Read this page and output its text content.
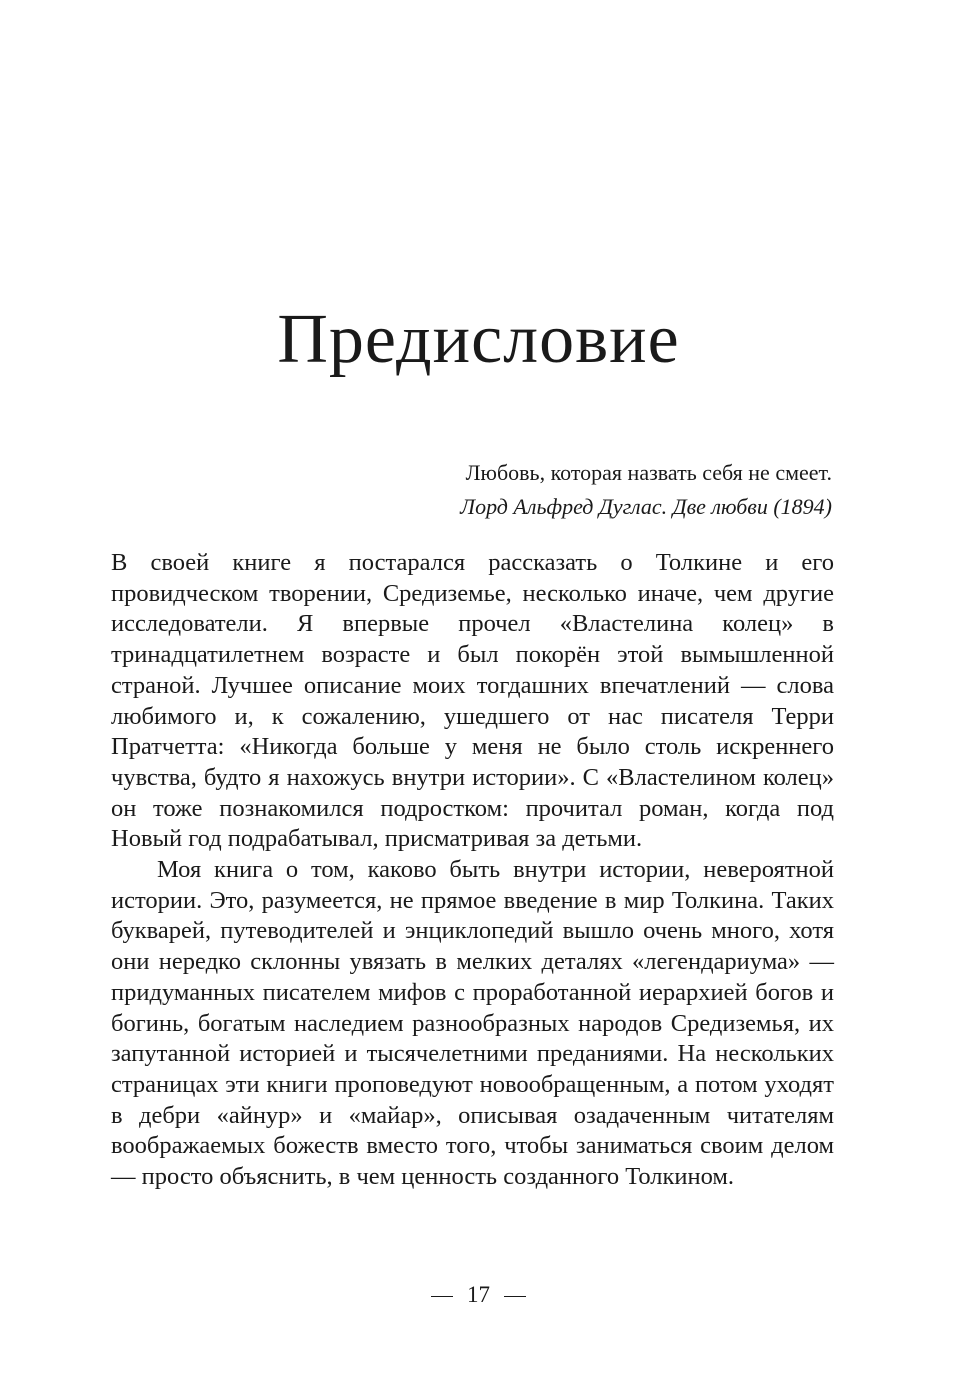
Предисловие
Любовь, которая назвать себя не смеет.
Лорд Альфред Дуглас. Две любви (1894)

В своей книге я постарался рассказать о Толкине и его провидческом творении, Средиземье, несколько иначе, чем другие исследователи. Я впервые прочел «Властелина колец» в тринадцатилетнем возрасте и был покорён этой вымышленной страной. Лучшее описание моих тогдашних впечатлений — слова любимого и, к сожалению, ушедшего от нас писателя Терри Пратчетта: «Никогда больше у меня не было столь искреннего чувства, будто я нахожусь внутри истории». С «Властелином колец» он тоже познакомился подростком: прочитал роман, когда под Новый год подрабатывал, присматривая за детьми.

Моя книга о том, каково быть внутри истории, невероятной истории. Это, разумеется, не прямое введение в мир Толкина. Таких букварей, путеводителей и энциклопедий вышло очень много, хотя они нередко склонны увязать в мелких деталях «легендариума» — придуманных писателем мифов с проработанной иерархией богов и богинь, богатым наследием разнообразных народов Средиземья, их запутанной историей и тысячелетними преданиями. На нескольких страницах эти книги проповедуют новообращенным, а потом уходят в дебри «айнур» и «майар», описывая озадаченным читателям воображаемых божеств вместо того, чтобы заниматься своим делом — просто объяснить, в чем ценность созданного Толкином.

17
